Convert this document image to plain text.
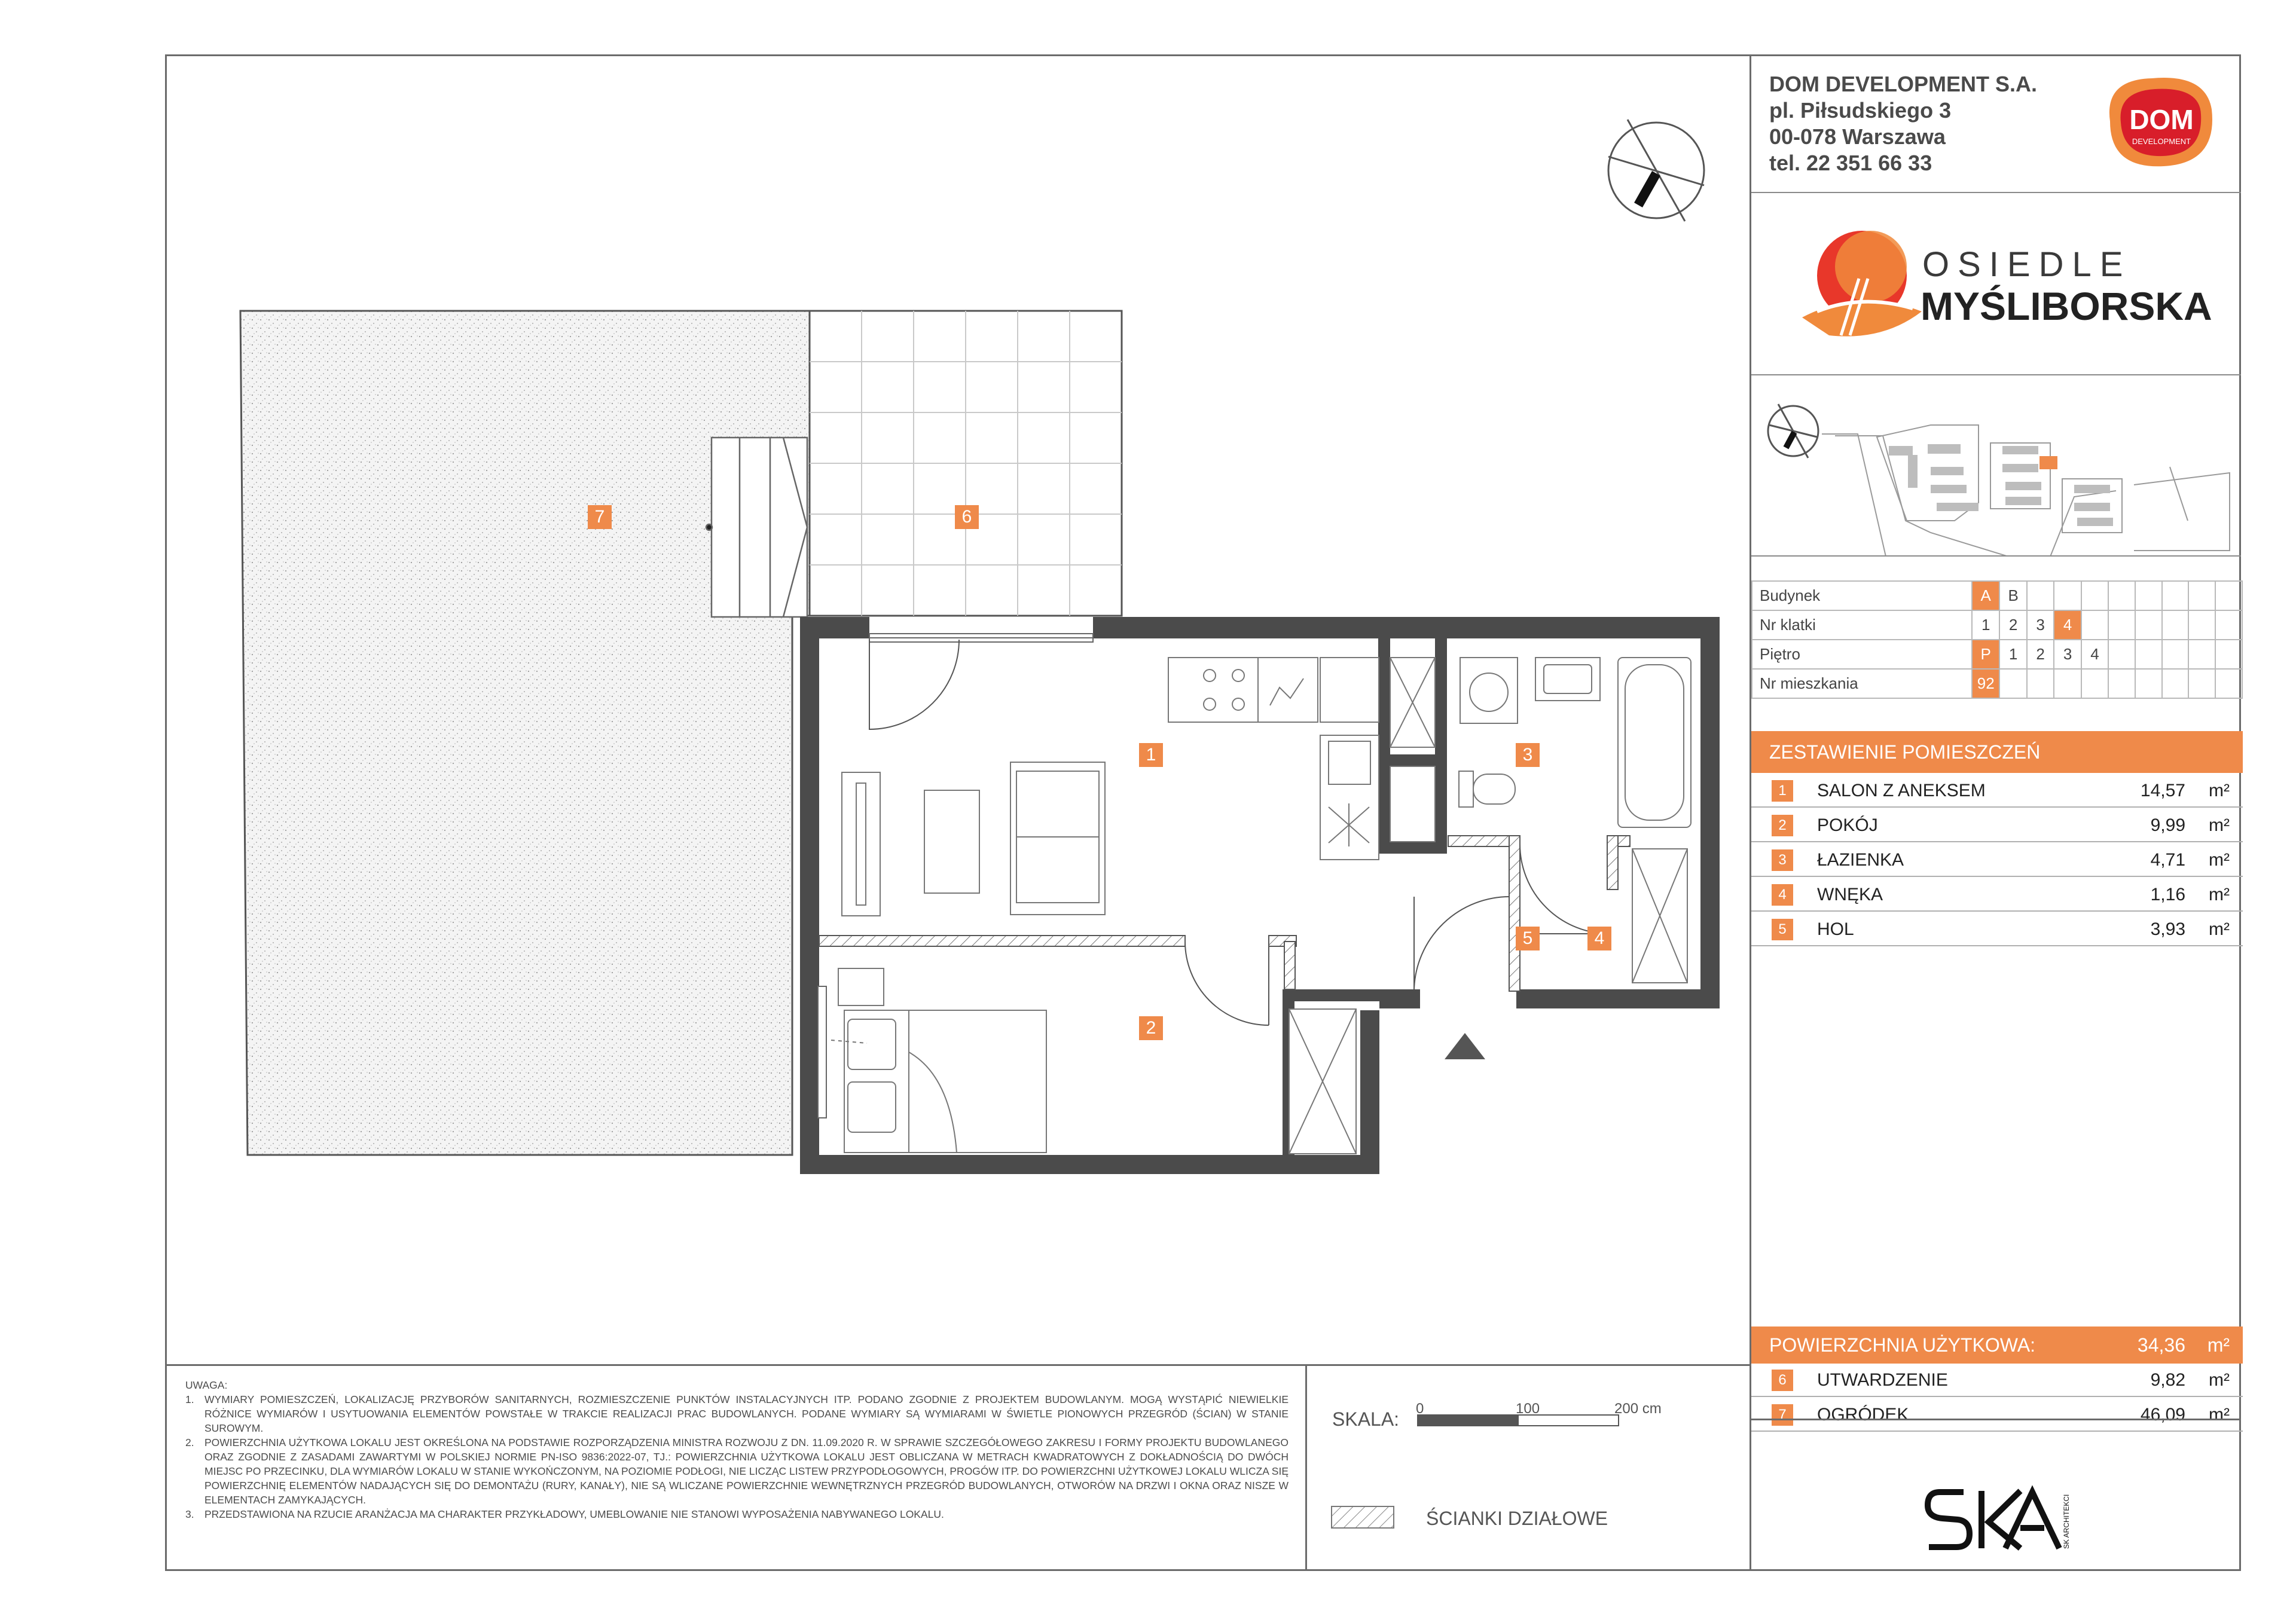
1
2
3
4
5
6
7
UWAGA:
1. WYMIARY POMIESZCZEŃ, LOKALIZACJĘ PRZYBORÓW SANITARNYCH, ROZMIESZCZENIE PUNKTÓW INSTALACYJNYCH ITP. PODANO ZGODNIE Z PROJEKTEM BUDOWLANYM. MOGĄ WYSTĄPIĆ NIEWIELKIE RÓŻNICE WYMIARÓW I USYTUOWANIA ELEMENTÓW POWSTAŁE W TRAKCIE REALIZACJI PRAC BUDOWLANYCH. PODANE WYMIARY SĄ WYMIARAMI W ŚWIETLE PIONOWYCH PRZEGRÓD (ŚCIAN) W STANIE SUROWYM.
2. POWIERZCHNIA UŻYTKOWA LOKALU JEST OKREŚLONA NA PODSTAWIE ROZPORZĄDZENIA MINISTRA ROZWOJU Z DN. 11.09.2020 R. W SPRAWIE SZCZEGÓŁOWEGO ZAKRESU I FORMY PROJEKTU BUDOWLANEGO ORAZ ZGODNIE Z ZASADAMI ZAWARTYMI W POLSKIEJ NORMIE PN-ISO 9836:2022-07, TJ.: POWIERZCHNIA UŻYTKOWA LOKALU JEST OBLICZANA W METRACH KWADRATOWYCH Z DOKŁADNOŚCIĄ DO DWÓCH MIEJSC PO PRZECINKU, DLA WYMIARÓW LOKALU W STANIE WYKOŃCZONYM, NA POZIOMIE PODŁOGI, NIE LICZĄC LISTEW PRZYPODŁOGOWYCH, PROGÓW ITP. DO POWIERZCHNI UŻYTKOWEJ LOKALU WLICZA SIĘ POWIERZCHNIĘ ELEMENTÓW NADAJĄCYCH SIĘ DO DEMONTAŻU (RURY, KANAŁY), NIE SĄ WLICZANE POWIERZCHNIE WEWNĘTRZNYCH PRZEGRÓD BUDOWLANYCH, OTWORÓW NA DRZWI I OKNA ORAZ NISZE W ELEMENTACH ZAMYKAJĄCYCH.
3. PRZEDSTAWIONA NA RZUCIE ARANŻACJA MA CHARAKTER PRZYKŁADOWY, UMEBLOWANIE NIE STANOWI WYPOSAŻENIA NABYWANEGO LOKALU.
SKALA: 0	100	200 cm
ŚCIANKI DZIAŁOWE
DOM DEVELOPMENT S.A.
pl. Piłsudskiego 3
00-078 Warszawa
tel. 22 351 66 33
DOM
DEVELOPMENT
OSIEDLE
MYŚLIBORSKA
Budynek	A	B								
Nr klatki	1	2	3	4						
Piętro	P	1	2	3	4					
Nr mieszkania	92									
ZESTAWIENIE POMIESZCZEŃ
1	SALON Z ANEKSEM	14,57 m²
2	POKÓJ	9,99 m²
3	ŁAZIENKA	4,71 m²
4	WNĘKA	1,16 m²
5	HOL	3,93 m²
POWIERZCHNIA UŻYTKOWA:	34,36 m²
6	UTWARDZENIE	9,82 m²
7	OGRÓDEK	46,09 m²
SK ARCHITEKCI
